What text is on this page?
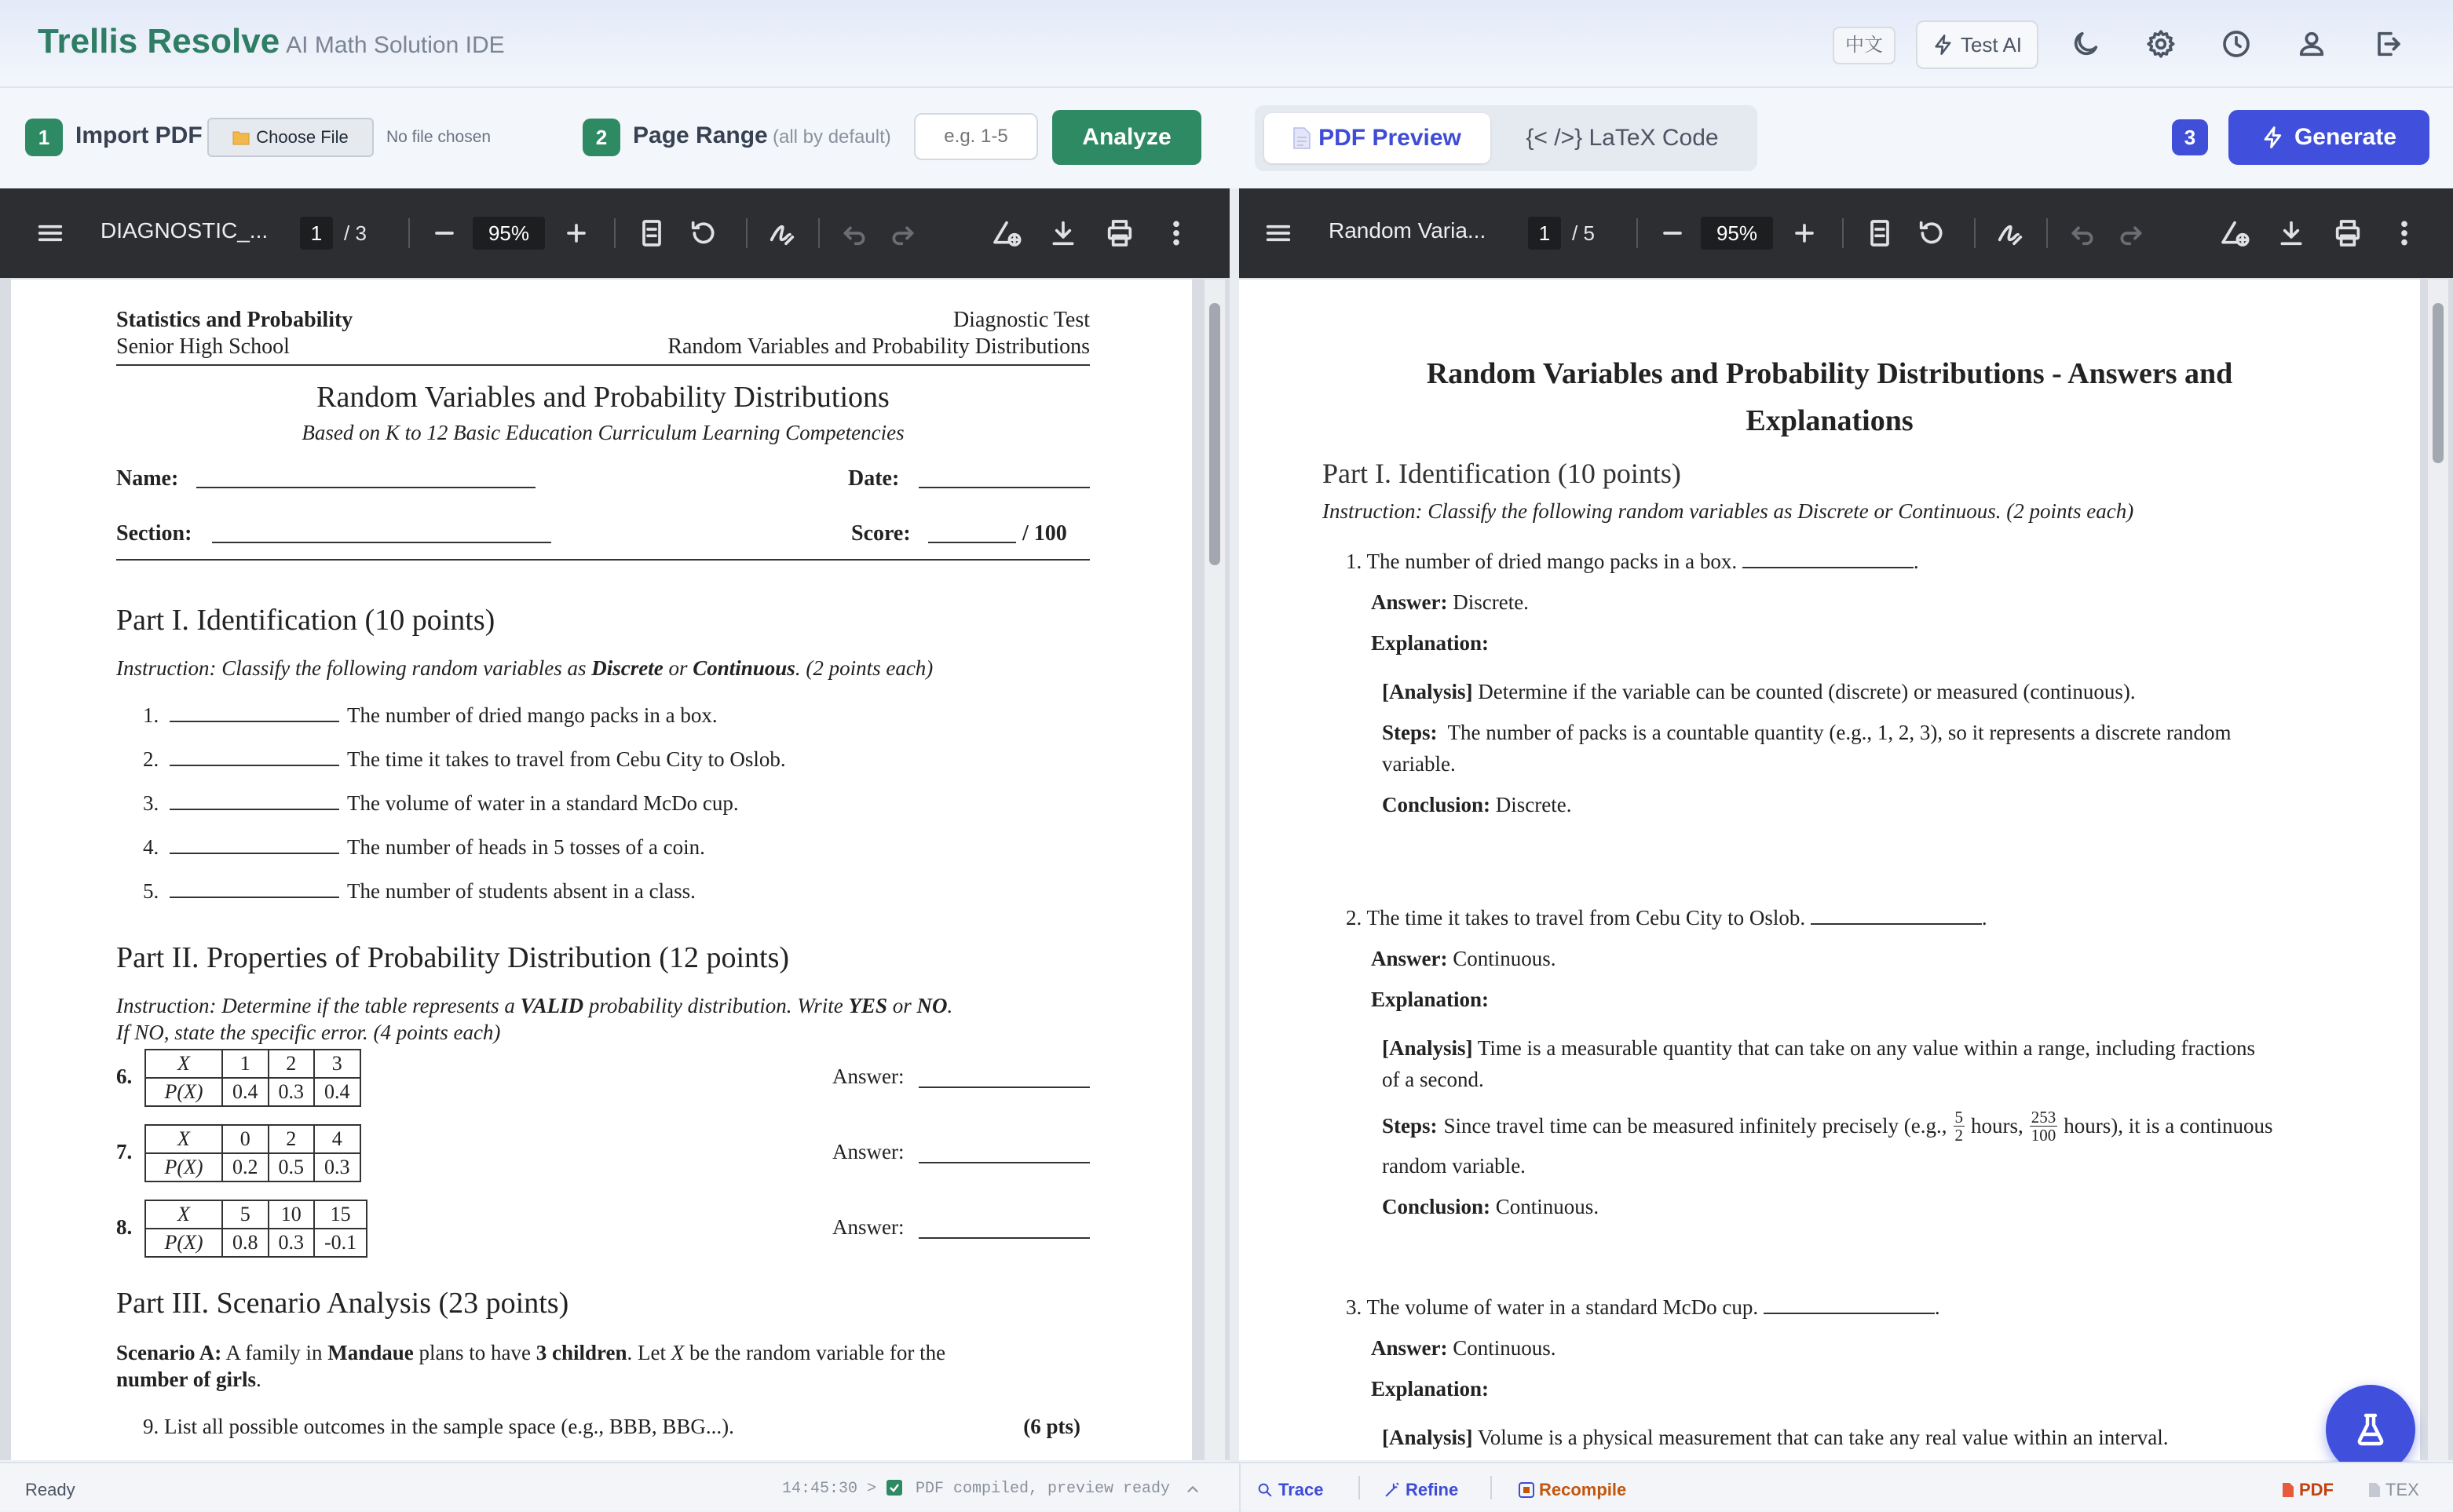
Trellis Resolve AI Math Solution IDE	中文	Test AI
1	Import PDF	Choose File No file chosen	2	Page Range (all by default)
e.g. 1-5	Analyze	PDF Preview	{< />} LaTeX Code	3	Generate
DIAGNOSTIC_...	1	/ 3	95%
Statistics and Probability
Senior High School
Diagnostic Test
Random Variables and Probability Distributions
Random Variables and Probability Distributions
Based on K to 12 Basic Education Curriculum Learning Competencies
Name:	Date:
Section:	Score:	/ 100
Part I. Identification (10 points)
Instruction: Classify the following random variables as Discrete or Continuous. (2 points each)
1.	The number of dried mango packs in a box.
2.	The time it takes to travel from Cebu City to Oslob.
3.	The volume of water in a standard McDo cup.
4.	The number of heads in 5 tosses of a coin.
5.	The number of students absent in a class.
Part II. Properties of Probability Distribution (12 points)
Instruction: Determine if the table represents a VALID probability distribution. Write YES or NO.
If NO, state the specific error. (4 points each)
6.
X	1	2	3
P(X)	0.4	0.3	0.4
Answer:
7.
X	0	2	4
P(X)	0.2	0.5	0.3
Answer:
8.
X	5	10	15
P(X)	0.8	0.3	-0.1
Answer:
Part III. Scenario Analysis (23 points)
Scenario A: A family in Mandaue plans to have 3 children. Let X be the random variable for the
number of girls.
9. List all possible outcomes in the sample space (e.g., BBB, BBG...).	(6 pts)
Random Varia...	1	/ 5	95%
Random Variables and Probability Distributions - Answers and
Explanations
Part I. Identification (10 points)
Instruction: Classify the following random variables as Discrete or Continuous. (2 points each)
1. The number of dried mango packs in a box.	.
Answer: Discrete.
Explanation:
[Analysis] Determine if the variable can be counted (discrete) or measured (continuous).
Steps: The number of packs is a countable quantity (e.g., 1, 2, 3), so it represents a discrete random
variable.
Conclusion: Discrete.
2. The time it takes to travel from Cebu City to Oslob.	.
Answer: Continuous.
Explanation:
[Analysis] Time is a measurable quantity that can take on any value within a range, including fractions
of a second.
Steps: Since travel time can be measured infinitely precisely (e.g., 5
2 hours, 253
100 hours), it is a continuous
random variable.
Conclusion: Continuous.
3. The volume of water in a standard McDo cup.	.
Answer: Continuous.
Explanation:
[Analysis] Volume is a physical measurement that can take any real value within an interval.
Ready	14:45:30 > PDF compiled, preview ready	Trace	Refine	Recompile	PDF	TEX
